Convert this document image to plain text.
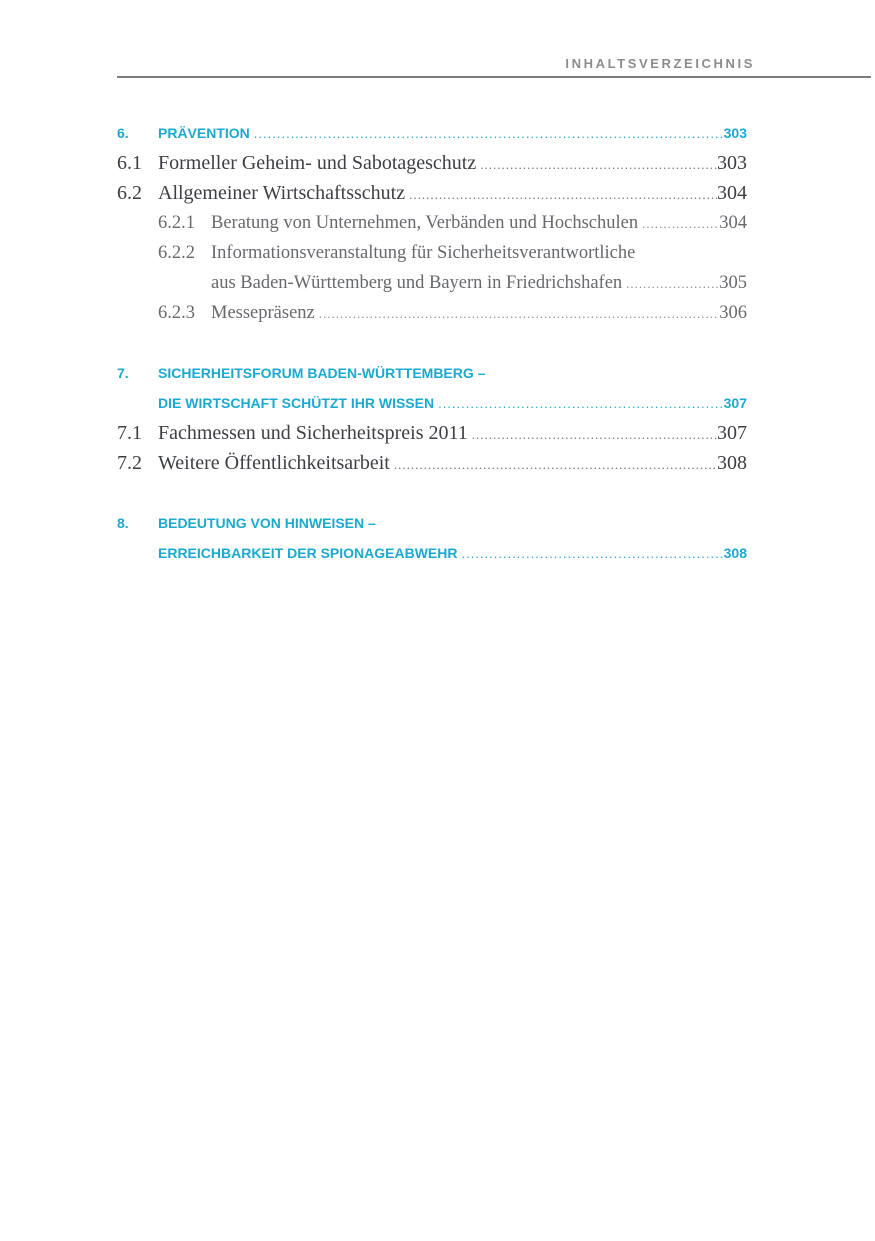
INHALTSVERZEICHNIS
6.	PRÄVENTION .....	303
6.1 Formeller Geheim- und Sabotageschutz .....	303
6.2 Allgemeiner Wirtschaftsschutz .....	304
6.2.1 Beratung von Unternehmen, Verbänden und Hochschulen .....	304
6.2.2 Informationsveranstaltung für Sicherheitsverantwortliche
aus Baden-Württemberg und Bayern in Friedrichshafen .....	305
6.2.3 Messepräsenz .....	306
7.	SICHERHEITSFORUM BADEN-WÜRTTEMBERG –
DIE WIRTSCHAFT SCHÜTZT IHR WISSEN .....	307
7.1 Fachmessen und Sicherheitspreis 2011 .....	307
7.2 Weitere Öffentlichkeitsarbeit .....	308
8.	BEDEUTUNG VON HINWEISEN –
ERREICHBARKEIT DER SPIONAGEABWEHR .....	308
